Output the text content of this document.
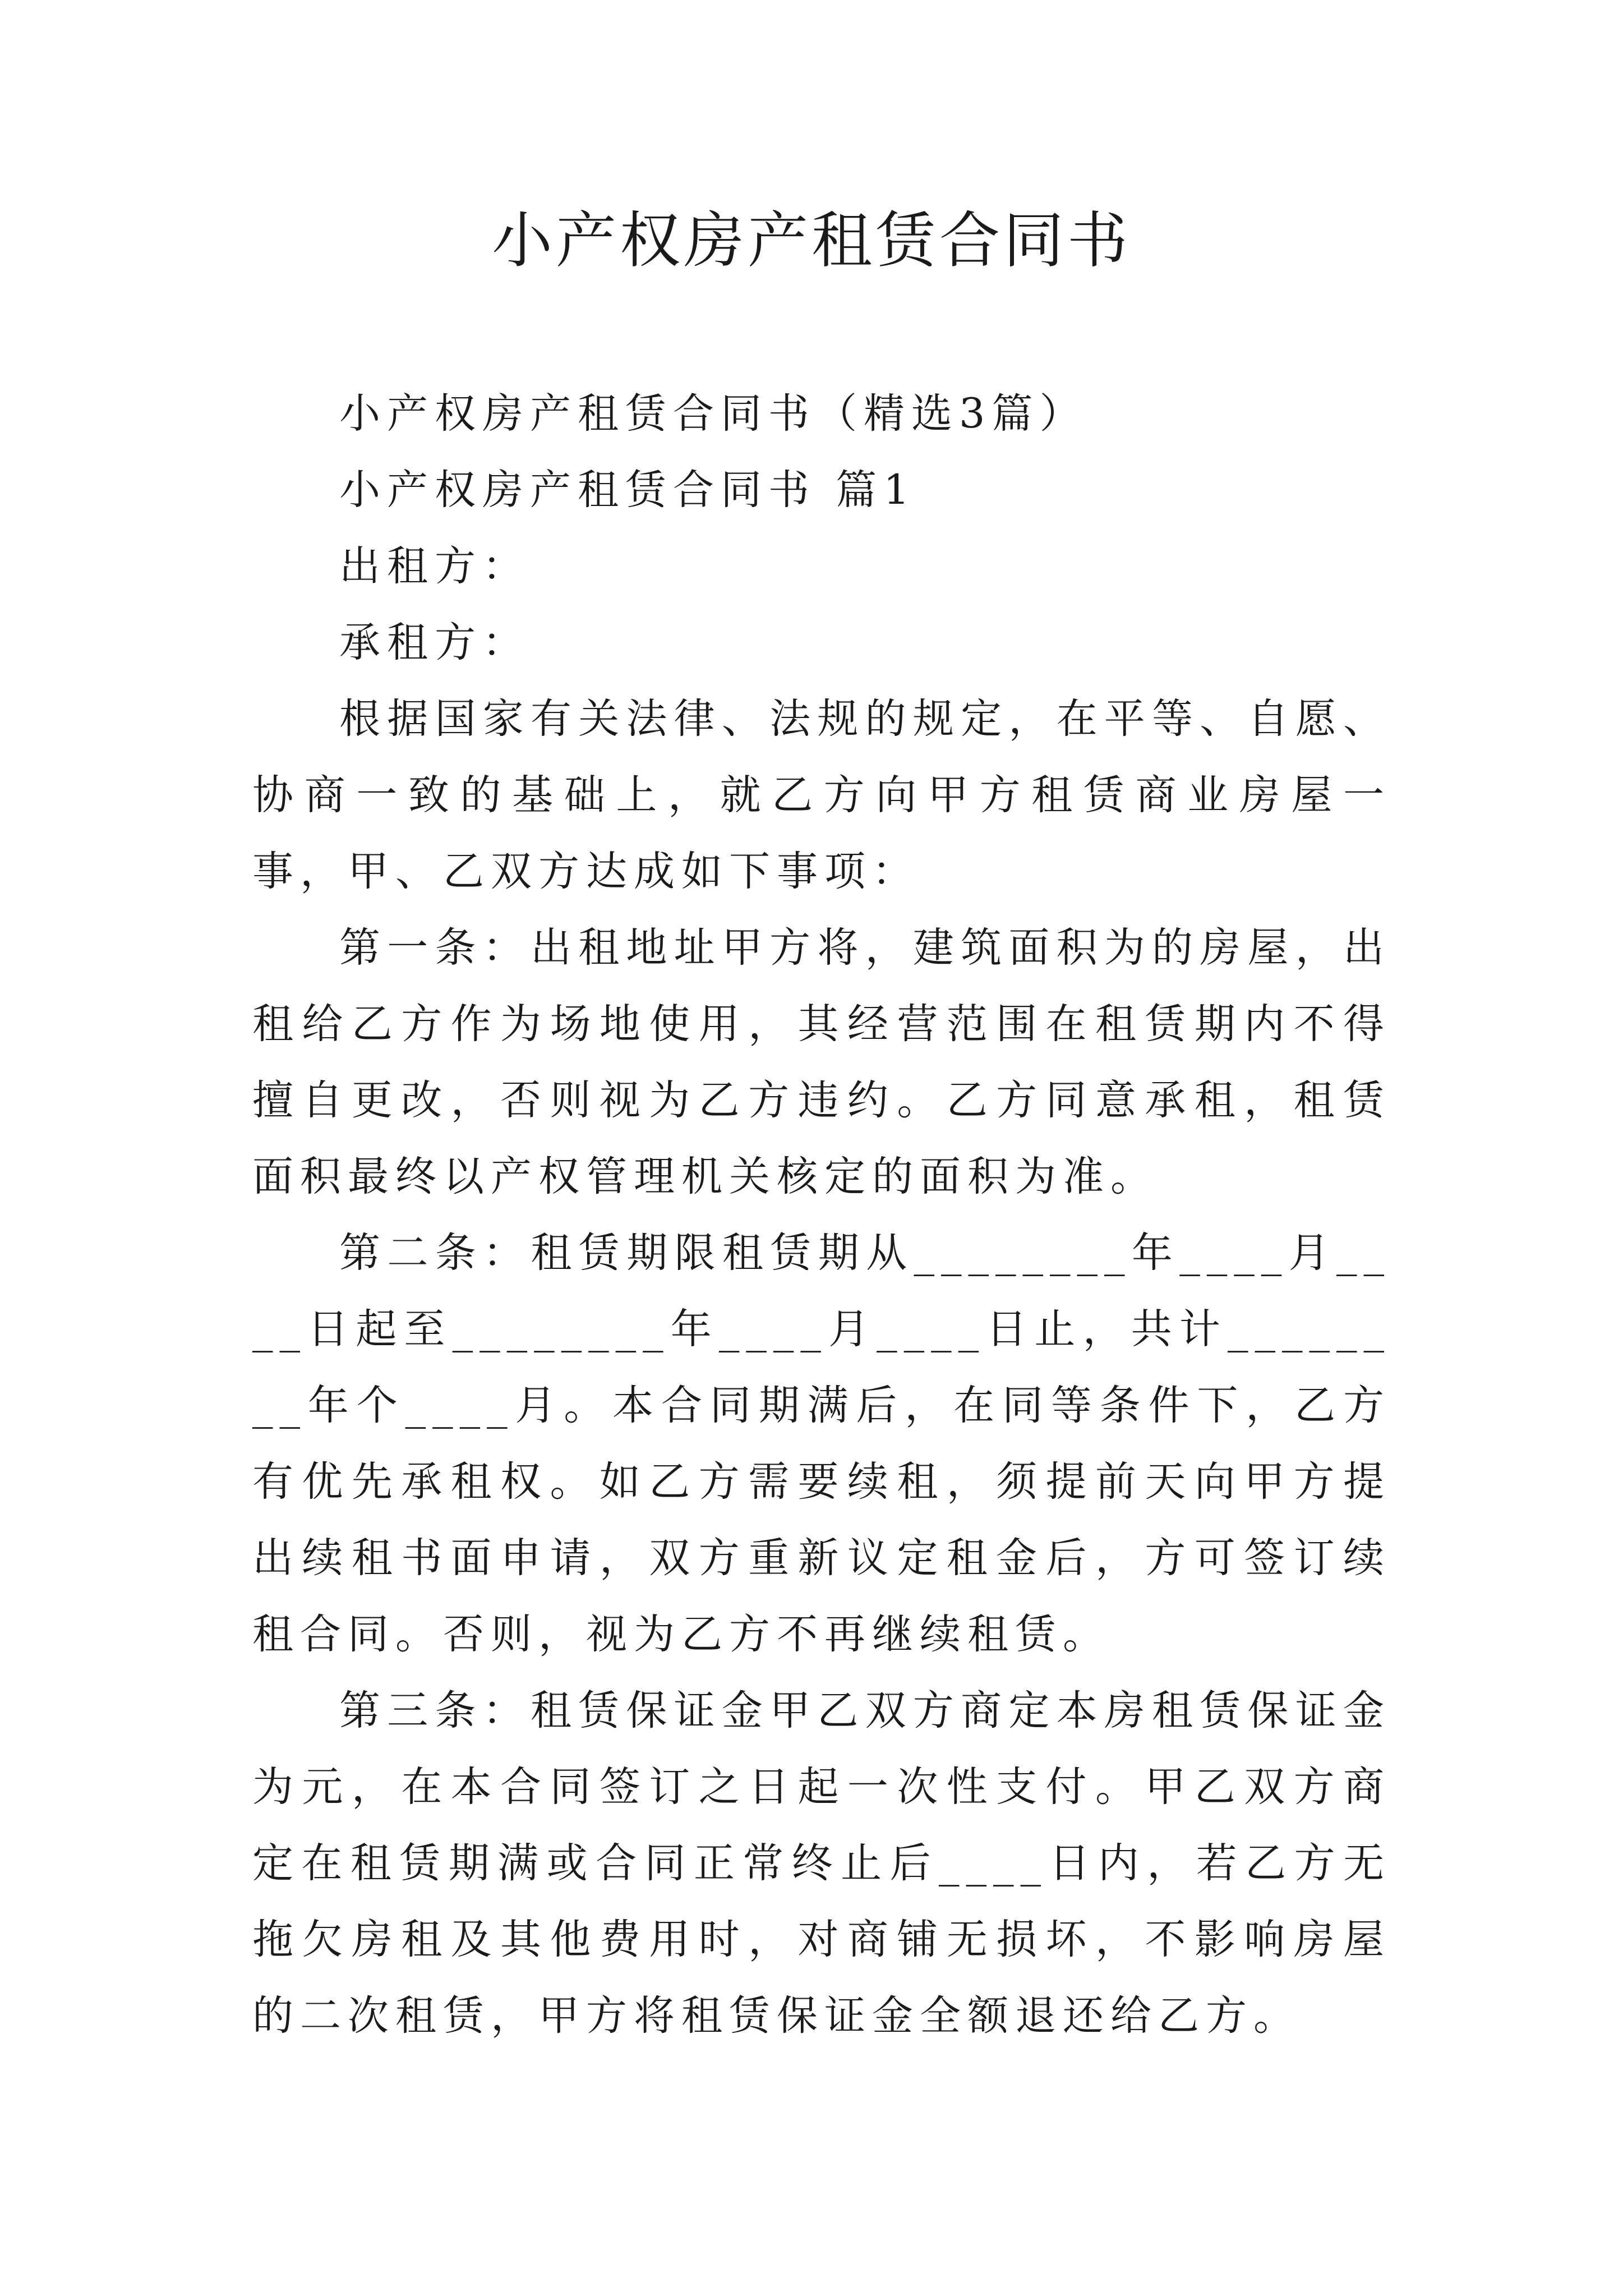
小产权房产租赁合同书

小产权房产租赁合同书（精选3篇）

小产权房产租赁合同书 篇1

出租方：

承租方：

根据国家有关法律、法规的规定，在平等、自愿、协商一致的基础上，就乙方向甲方租赁商业房屋一事，甲、乙双方达成如下事项：

第一条：出租地址甲方将，建筑面积为的房屋，出租给乙方作为场地使用，其经营范围在租赁期内不得擅自更改，否则视为乙方违约。乙方同意承租，租赁面积最终以产权管理机关核定的面积为准。

第二条：租赁期限租赁期从________年____月____日起至________年____月____日止，共计________年个____月。本合同期满后，在同等条件下，乙方有优先承租权。如乙方需要续租，须提前天向甲方提出续租书面申请，双方重新议定租金后，方可签订续租合同。否则，视为乙方不再继续租赁。

第三条：租赁保证金甲乙双方商定本房租赁保证金为元，在本合同签订之日起一次性支付。甲乙双方商定在租赁期满或合同正常终止后____日内，若乙方无拖欠房租及其他费用时，对商铺无损坏，不影响房屋的二次租赁，甲方将租赁保证金全额退还给乙方。
